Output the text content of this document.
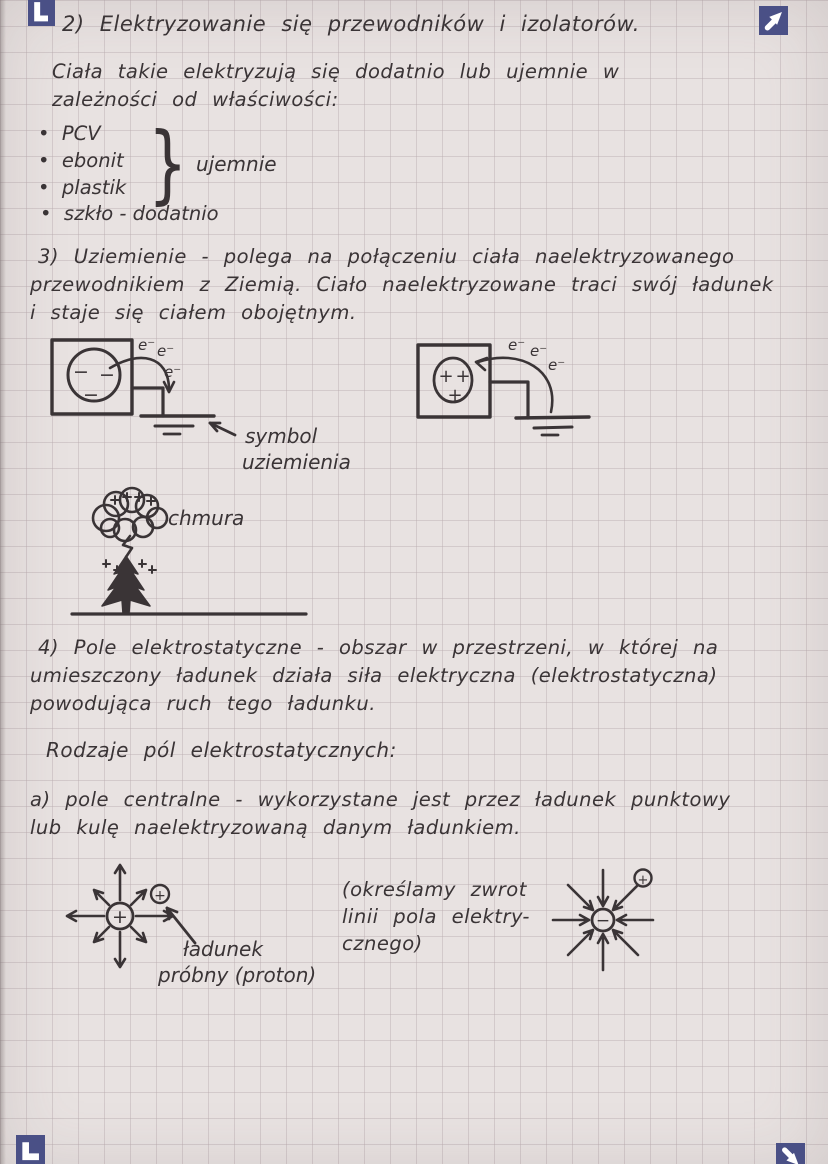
2) Elektryzowanie się przewodników i izolatorów.
Ciała takie elektryzują się dodatnio lub ujemnie w
zależności od właściwości:
• PCV
• ebonit
• plastik
• szkło - dodatnio
} ujemnie
3) Uziemienie - polega na połączeniu ciała naelektryzowanego
przewodnikiem z Ziemią. Ciało naelektryzowane traci swój ładunek
i staje się ciałem obojętnym.
− −
−
e⁻ e⁻
e⁻
symbol
uziemienia
+ +
+
e⁻ e⁻
e⁻
chmura
4) Pole elektrostatyczne - obszar w przestrzeni, w której na
umieszczony ładunek działa siła elektryczna (elektrostatyczna)
powodująca ruch tego ładunku.
Rodzaje pól elektrostatycznych:
a) pole centralne - wykorzystane jest przez ładunek punktowy
lub kulę naelektryzowaną danym ładunkiem.
+
+
ładunek
próbny (proton)
(określamy zwrot
linii pola elektry-
cznego)
−
+
